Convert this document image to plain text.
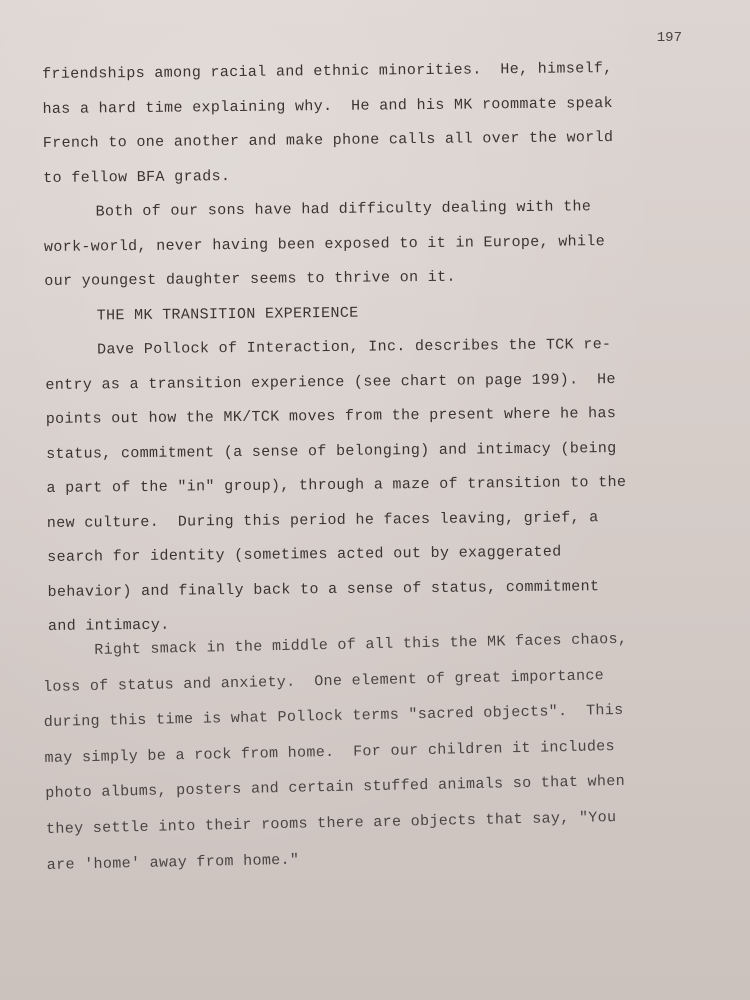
197
friendships among racial and ethnic minorities.  He, himself,
has a hard time explaining why.  He and his MK roommate speak
French to one another and make phone calls all over the world
to fellow BFA grads.
Both of our sons have had difficulty dealing with the
work-world, never having been exposed to it in Europe, while
our youngest daughter seems to thrive on it.
THE MK TRANSITION EXPERIENCE
Dave Pollock of Interaction, Inc. describes the TCK re-
entry as a transition experience (see chart on page 199).  He
points out how the MK/TCK moves from the present where he has
status, commitment (a sense of belonging) and intimacy (being
a part of the "in" group), through a maze of transition to the
new culture.  During this period he faces leaving, grief, a
search for identity (sometimes acted out by exaggerated
behavior) and finally back to a sense of status, commitment
and intimacy.
Right smack in the middle of all this the MK faces chaos,
loss of status and anxiety.  One element of great importance
during this time is what Pollock terms "sacred objects".  This
may simply be a rock from home.  For our children it includes
photo albums, posters and certain stuffed animals so that when
they settle into their rooms there are objects that say, "You
are 'home' away from home."
